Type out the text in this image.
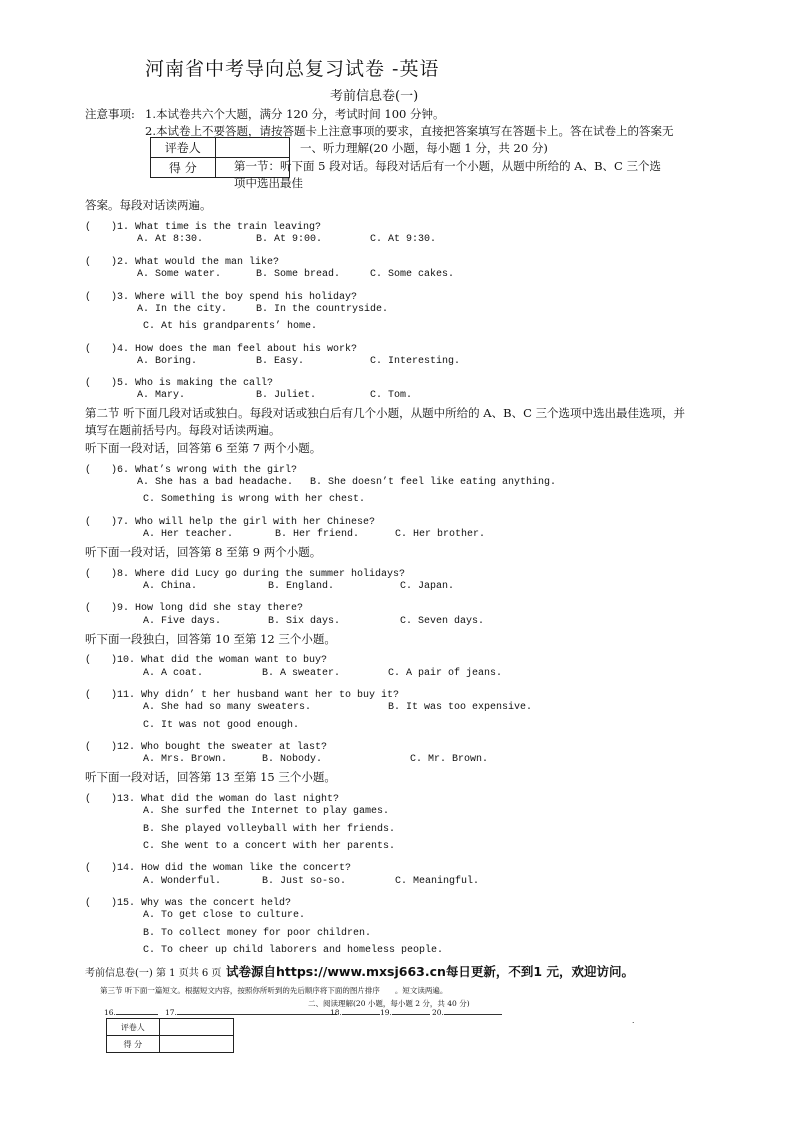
河南省中考导向总复习试卷 -英语
考前信息卷(一)
注意事项: 1.本试卷共六个大题，满分 120 分，考试时间 100 分钟。
2.本试卷上不要答题，请按答题卡上注意事项的要求，直接把答案填写在答题卡上。答在试卷上的答案无
评卷人	
得 分	
一、听力理解(20 小题，每小题 1 分，共 20 分)
第一节：听下面 5 段对话。每段对话后有一个小题，从题中所给的 A、B、C 三个选
项中选出最佳
答案。每段对话读两遍。
(　　)1. What time is the train leaving?
A. At 8:30.	B. At 9:00.	C. At 9:30.
(　　)2. What would the man like?
A. Some water.	B. Some bread.	C. Some cakes.
(　　)3. Where will the boy spend his holiday?
A. In the city.	B. In the countryside.
C. At his grandparents’ home.
(　　)4. How does the man feel about his work?
A. Boring.	B. Easy.	C. Interesting.
(　　)5. Who is making the call?
A. Mary.	B. Juliet.	C. Tom.
第二节 听下面几段对话或独白。每段对话或独白后有几个小题，从题中所给的 A、B、C 三个选项中选出最佳选项，并
填写在题前括号内。每段对话读两遍。
听下面一段对话，回答第 6 至第 7 两个小题。
(　　)6. What’s wrong with the girl?
A. She has a bad headache. B. She doesn’t feel like eating anything.
C. Something is wrong with her chest.
(　　)7. Who will help the girl with her Chinese?
A. Her teacher.	B. Her friend.	C. Her brother.
听下面一段对话，回答第 8 至第 9 两个小题。
(　　)8. Where did Lucy go during the summer holidays?
A. China.	B. England.	C. Japan.
(　　)9. How long did she stay there?
A. Five days.	B. Six days.	C. Seven days.
听下面一段独白，回答第 10 至第 12 三个小题。
(　　)10. What did the woman want to buy?
A. A coat.	B. A sweater.	C. A pair of jeans.
(　　)11. Why didn’ t her husband want her to buy it?
A. She had so many sweaters.	B. It was too expensive.
C. It was not good enough.
(　　)12. Who bought the sweater at last?
A. Mrs. Brown.	B. Nobody.	C. Mr. Brown.
听下面一段对话，回答第 13 至第 15 三个小题。
(　　)13. What did the woman do last night?
A. She surfed the Internet to play games.
B. She played volleyball with her friends.
C. She went to a concert with her parents.
(　　)14. How did the woman like the concert?
A. Wonderful.	B. Just so-so.	C. Meaningful.
(　　)15. Why was the concert held?
A. To get close to culture.
B. To collect money for poor children.
C. To cheer up child laborers and homeless people.
考前信息卷(一) 第 1 页共 6 页 试卷源自https://www.mxsj663.cn每日更新，不到1 元，欢迎访问。
第三节 听下面一篇短文。根据短文内容，按照你所听到的先后顺序将下面的图片排序　　。短文读两遍。
二、阅读理解(20 小题，每小题 2 分，共 40 分)
16.	17.	18.	19.	20.
评卷人	
得 分	
.
